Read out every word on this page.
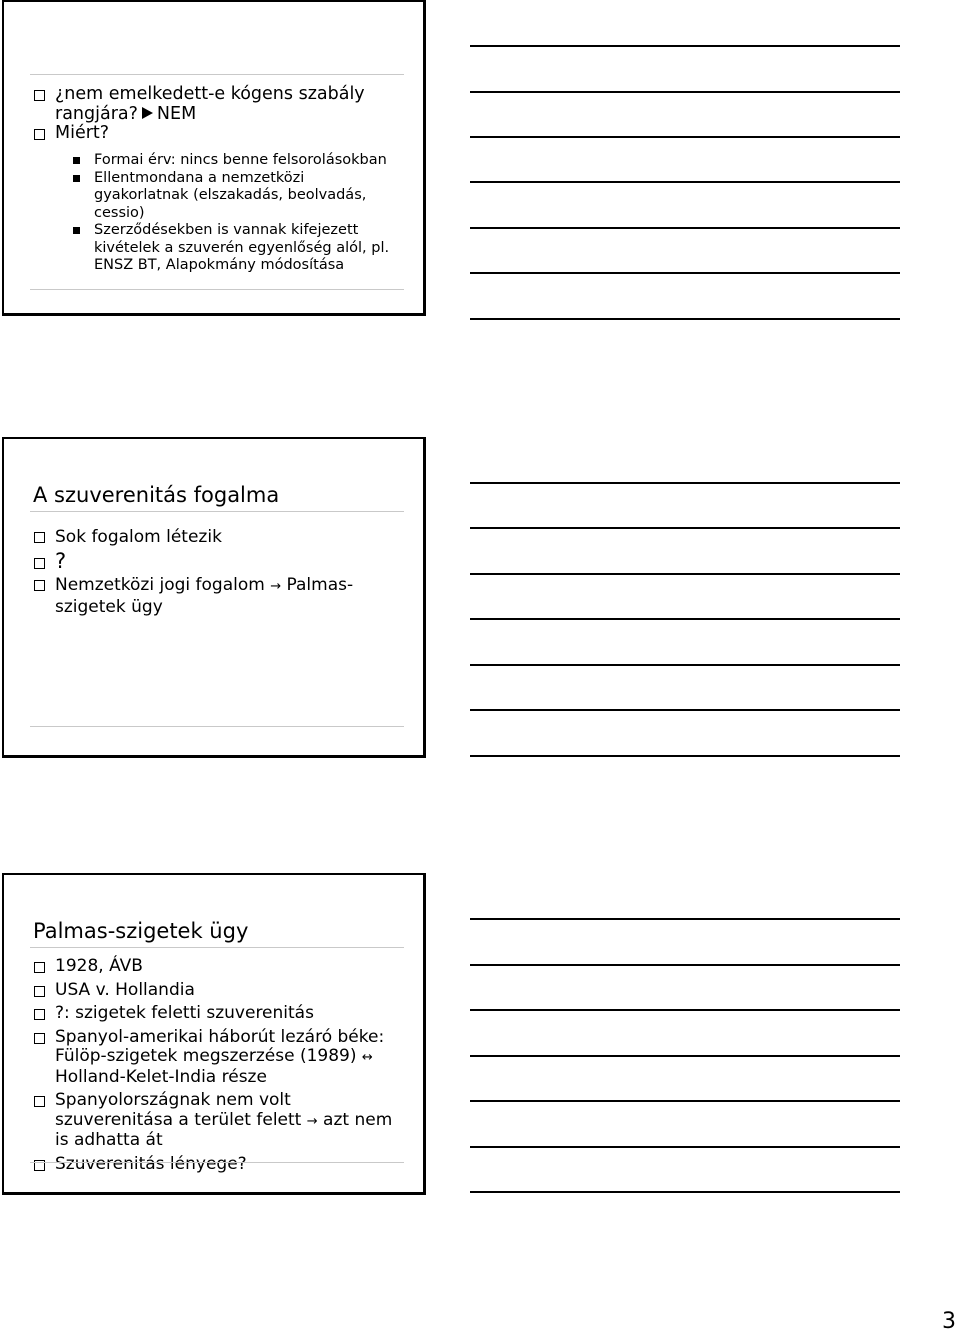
¿nem emelkedett-e kógens szabály rangjára? NEM
Miért?
Formai érv: nincs benne felsorolásokban
Ellentmondana a nemzetközi gyakorlatnak (elszakadás, beolvadás, cessio)
Szerződésekben is vannak kifejezett kivételek a szuverén egyenlőség alól, pl. ENSZ BT, Alapokmány módosítása
A szuverenitás fogalma
Sok fogalom létezik
?
Nemzetközi jogi fogalom → Palmas-szigetek ügy
Palmas-szigetek ügy
1928, ÁVB
USA v. Hollandia
?: szigetek feletti szuverenitás
Spanyol-amerikai háborút lezáró béke: Fülöp-szigetek megszerzése (1989) ↔ Holland-Kelet-India része
Spanyolországnak nem volt szuverenitása a terület felett → azt nem is adhatta át
Szuverenitás lényege?
3
